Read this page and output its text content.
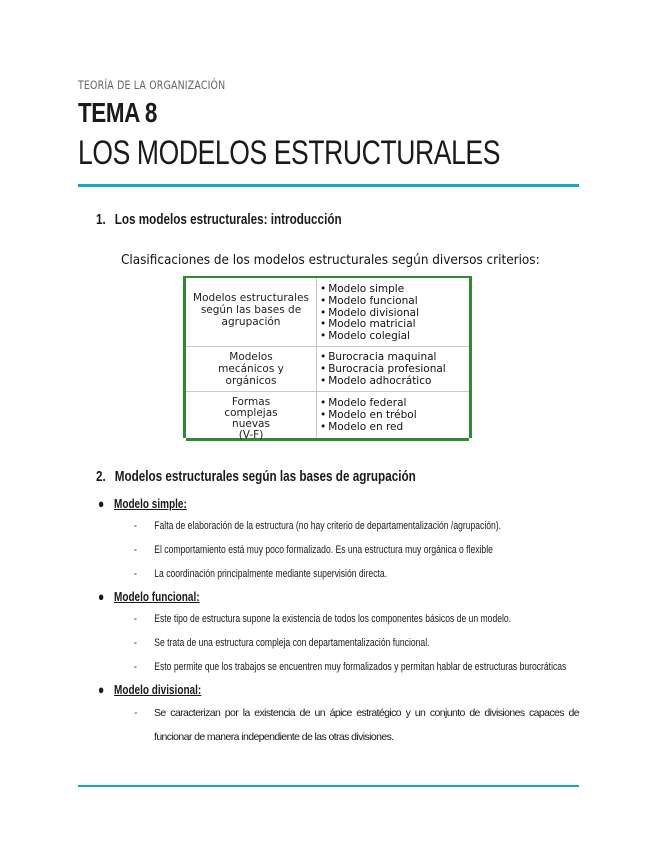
TEORÍA DE LA ORGANIZACIÓN
TEMA 8
LOS MODELOS ESTRUCTURALES
1. Los modelos estructurales: introducción
Clasificaciones de los modelos estructurales según diversos criterios:
Modelos estructurales
según las bases de
agrupación
• Modelo simple
• Modelo funcional
• Modelo divisional
• Modelo matricial
• Modelo colegial
Modelos
mecánicos y
orgánicos
• Burocracia maquinal
• Burocracia profesional
• Modelo adhocrático
Formas
complejas
nuevas
(V-F)
• Modelo federal
• Modelo en trébol
• Modelo en red
2. Modelos estructurales según las bases de agrupación
● Modelo simple:
- Falta de elaboración de la estructura (no hay criterio de departamentalización /agrupación).
- El comportamiento está muy poco formalizado. Es una estructura muy orgánica o flexible
- La coordinación principalmente mediante supervisión directa.
● Modelo funcional:
- Este tipo de estructura supone la existencia de todos los componentes básicos de un modelo.
- Se trata de una estructura compleja con departamentalización funcional.
- Esto permite que los trabajos se encuentren muy formalizados y permitan hablar de estructuras burocráticas
● Modelo divisional:
- Se caracterizan por la existencia de un ápice estratégico y un conjunto de divisiones capaces de funcionar de manera independiente de las otras divisiones.
